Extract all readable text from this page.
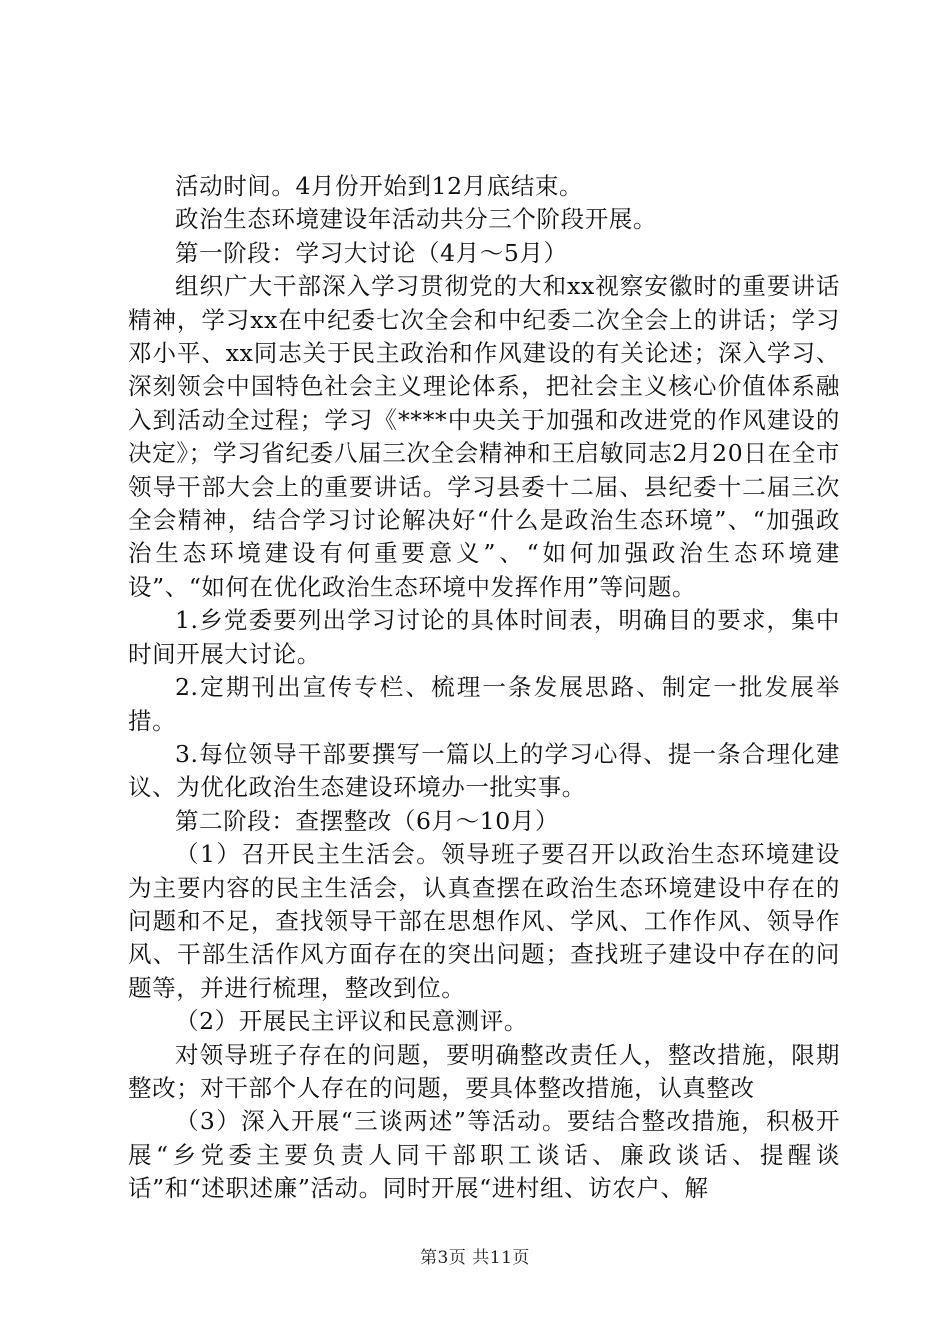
活动时间。4月份开始到12月底结束。

政治生态环境建设年活动共分三个阶段开展。

第一阶段：学习大讨论（4月～5月）

组织广大干部深入学习贯彻党的大和xx视察安徽时的重要讲话精神，学习xx在中纪委七次全会和中纪委二次全会上的讲话；学习邓小平、xx同志关于民主政治和作风建设的有关论述；深入学习、深刻领会中国特色社会主义理论体系，把社会主义核心价值体系融入到活动全过程；学习《****中央关于加强和改进党的作风建设的决定》；学习省纪委八届三次全会精神和王启敏同志2月20日在全市领导干部大会上的重要讲话。学习县委十二届、县纪委十二届三次全会精神，结合学习讨论解决好“什么是政治生态环境”、“加强政治生态环境建设有何重要意义”、“如何加强政治生态环境建设”、“如何在优化政治生态环境中发挥作用”等问题。

1.乡党委要列出学习讨论的具体时间表，明确目的要求，集中时间开展大讨论。

2.定期刊出宣传专栏、梳理一条发展思路、制定一批发展举措。

3.每位领导干部要撰写一篇以上的学习心得、提一条合理化建议、为优化政治生态建设环境办一批实事。

第二阶段：查摆整改（6月～10月）

（1）召开民主生活会。领导班子要召开以政治生态环境建设为主要内容的民主生活会，认真查摆在政治生态环境建设中存在的问题和不足，查找领导干部在思想作风、学风、工作作风、领导作风、干部生活作风方面存在的突出问题；查找班子建设中存在的问题等，并进行梳理，整改到位。

（2）开展民主评议和民意测评。

对领导班子存在的问题，要明确整改责任人，整改措施，限期整改；对干部个人存在的问题，要具体整改措施，认真整改

（3）深入开展“三谈两述”等活动。要结合整改措施，积极开展“乡党委主要负责人同干部职工谈话、廉政谈话、提醒谈话”和“述职述廉”活动。同时开展“进村组、访农户、解

第3页 共11页
